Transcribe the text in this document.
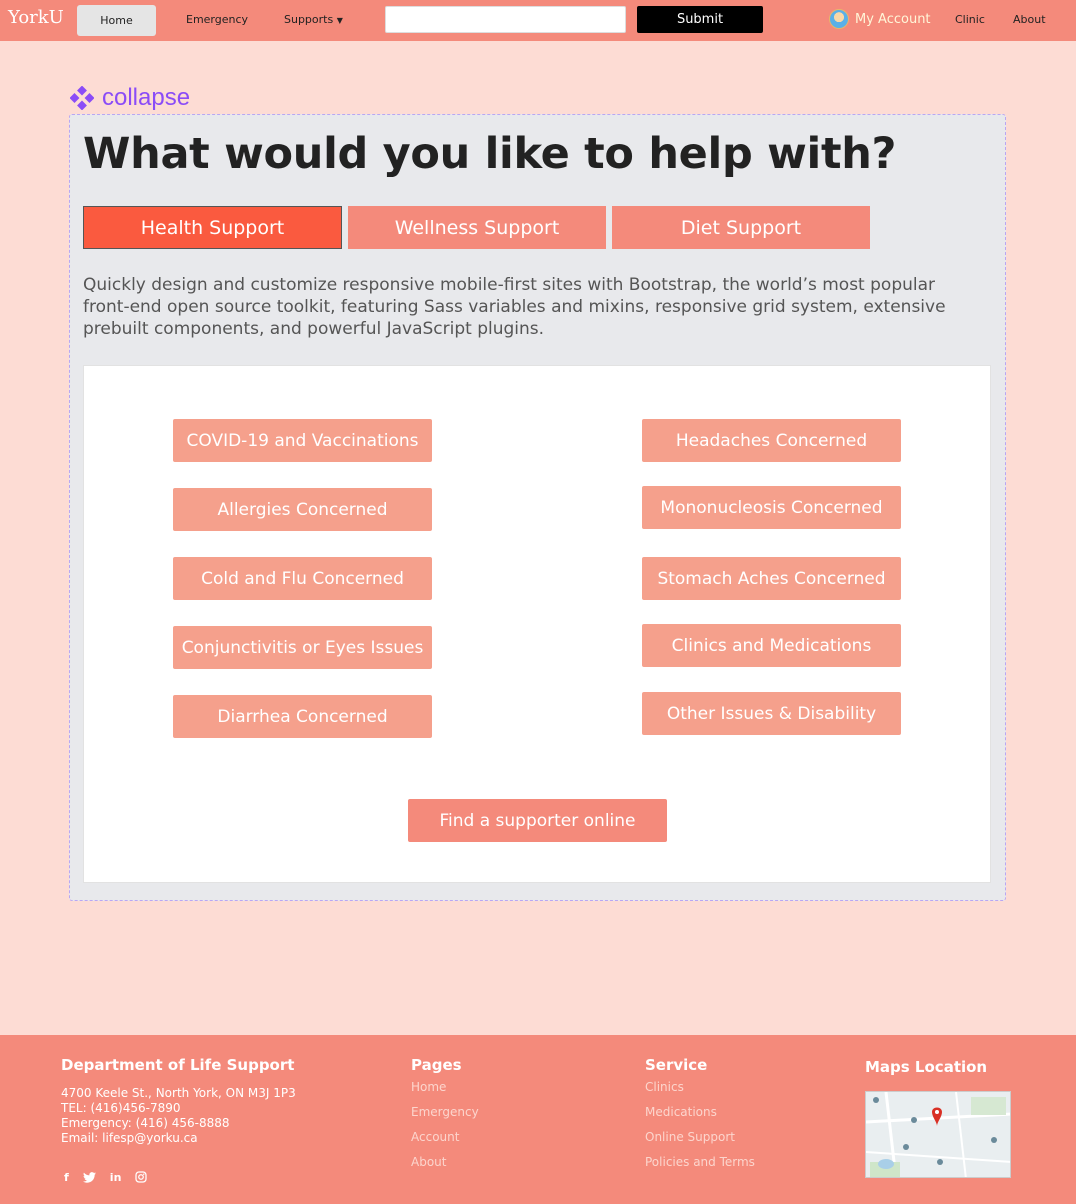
YorkU	Home	Emergency	Supports ▼	Submit	My Account Clinic	About
collapse
What would you like to help with?
Health Support	Wellness Support	Diet Support
Quickly design and customize responsive mobile-first sites with Bootstrap, the world’s most popular front-end open source toolkit, featuring Sass variables and mixins, responsive grid system, extensive prebuilt components, and powerful JavaScript plugins.
COVID-19 and Vaccinations
Allergies Concerned
Cold and Flu Concerned
Conjunctivitis or Eyes Issues
Diarrhea Concerned
Headaches Concerned
Mononucleosis Concerned
Stomach Aches Concerned
Clinics and Medications
Other Issues & Disability
Find a supporter online
Department of Life Support
4700 Keele St., North York, ON M3J 1P3
TEL: (416)456-7890
Emergency: (416) 456-8888
Email: lifesp@yorku.ca
f	in
Pages
Home
Emergency
Account
About
Service
Clinics
Medications
Online Support
Policies and Terms
Maps Location
